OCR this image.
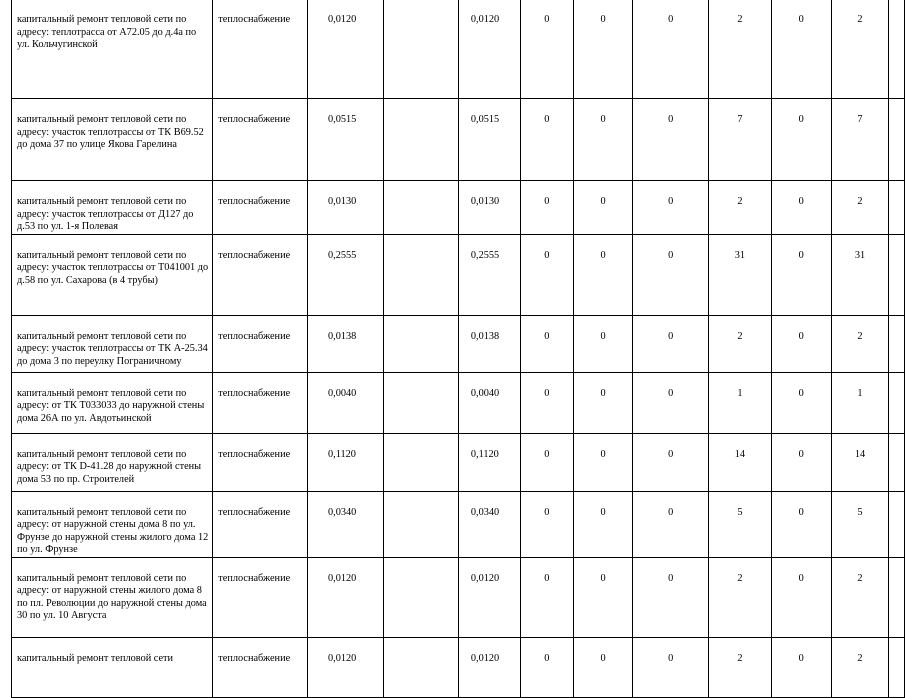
капитальный ремонт тепловой сети по адресу: теплотрасса от А72.05 до д.4а по ул. Кольчугинской	теплоснабжение	0,0120		0,0120	0	0	0	2	0	2	
капитальный ремонт тепловой сети по адресу: участок теплотрассы от ТК В69.52 до дома 37 по улице Якова Гарелина	теплоснабжение	0,0515		0,0515	0	0	0	7	0	7	
капитальный ремонт тепловой сети по адресу: участок теплотрассы от Д127 до д.53 по ул. 1-я Полевая	теплоснабжение	0,0130		0,0130	0	0	0	2	0	2	
капитальный ремонт тепловой сети по адресу: участок теплотрассы от Т041001 до д.58 по ул. Сахарова (в 4 трубы)	теплоснабжение	0,2555		0,2555	0	0	0	31	0	31	
капитальный ремонт тепловой сети по адресу: участок теплотрассы от ТК А-25.34 до дома 3 по переулку Пограничному	теплоснабжение	0,0138		0,0138	0	0	0	2	0	2	
капитальный ремонт тепловой сети по адресу: от ТК Т033033 до наружной стены дома 26А по ул. Авдотьинской	теплоснабжение	0,0040		0,0040	0	0	0	1	0	1	
капитальный ремонт тепловой сети по адресу: от ТК D-41.28 до наружной стены дома 53 по пр. Строителей	теплоснабжение	0,1120		0,1120	0	0	0	14	0	14	
капитальный ремонт тепловой сети по адресу: от наружной стены дома 8 по ул. Фрунзе до наружной стены жилого дома 12 по ул. Фрунзе	теплоснабжение	0,0340		0,0340	0	0	0	5	0	5	
капитальный ремонт тепловой сети по адресу: от наружной стены жилого дома 8 по пл. Революции до наружной стены дома 30 по ул. 10 Августа	теплоснабжение	0,0120		0,0120	0	0	0	2	0	2	
капитальный ремонт тепловой сети	теплоснабжение	0,0120		0,0120	0	0	0	2	0	2	
